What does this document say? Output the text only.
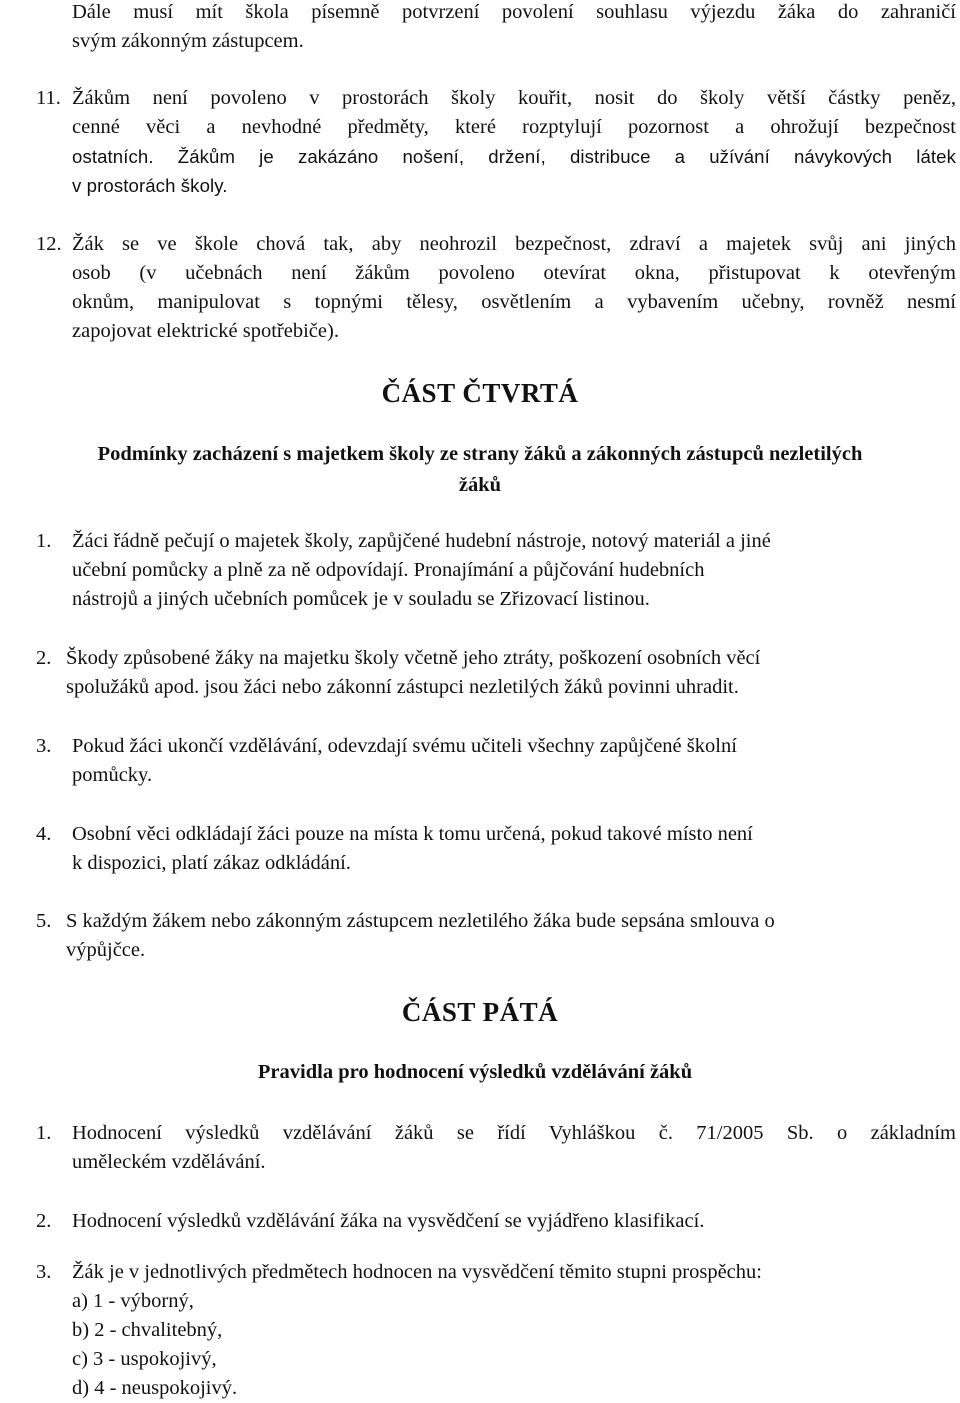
Dále musí mít škola písemně potvrzení povolení souhlasu výjezdu žáka do zahraničí
svým zákonným zástupcem.
11. Žákům není povoleno v prostorách školy kouřit, nosit do školy větší částky peněz,
cenné věci a nevhodné předměty, které rozptylují pozornost a ohrožují bezpečnost
ostatních. Žákům je zakázáno nošení, držení, distribuce a užívání návykových látek
v prostorách školy.
12. Žák se ve škole chová tak, aby neohrozil bezpečnost, zdraví a majetek svůj ani jiných
osob (v učebnách není žákům povoleno otevírat okna, přistupovat k otevřeným
oknům, manipulovat s topnými tělesy, osvětlením a vybavením učebny, rovněž nesmí
zapojovat elektrické spotřebiče).
ČÁST ČTVRTÁ
Podmínky zacházení s majetkem školy ze strany žáků a zákonných zástupců nezletilých
žáků
1. Žáci řádně pečují o majetek školy, zapůjčené hudební nástroje, notový materiál a jiné
učební pomůcky a plně za ně odpovídají. Pronajímání a půjčování hudebních
nástrojů a jiných učebních pomůcek je v souladu se Zřizovací listinou.
2. Škody způsobené žáky na majetku školy včetně jeho ztráty, poškození osobních věcí
spolužáků apod. jsou žáci nebo zákonní zástupci nezletilých žáků povinni uhradit.
3. Pokud žáci ukončí vzdělávání, odevzdají svému učiteli všechny zapůjčené školní
pomůcky.
4. Osobní věci odkládají žáci pouze na místa k tomu určená, pokud takové místo není
k dispozici, platí zákaz odkládání.
5. S každým žákem nebo zákonným zástupcem nezletilého žáka bude sepsána smlouva o
výpůjčce.
ČÁST PÁTÁ
Pravidla pro hodnocení výsledků vzdělávání žáků
1. Hodnocení výsledků vzdělávání žáků se řídí Vyhláškou č. 71/2005 Sb. o základním
uměleckém vzdělávání.
2. Hodnocení výsledků vzdělávání žáka na vysvědčení se vyjádřeno klasifikací.
3. Žák je v jednotlivých předmětech hodnocen na vysvědčení těmito stupni prospěchu:
a) 1 - výborný,
b) 2 - chvalitebný,
c) 3 - uspokojivý,
d) 4 - neuspokojivý.
